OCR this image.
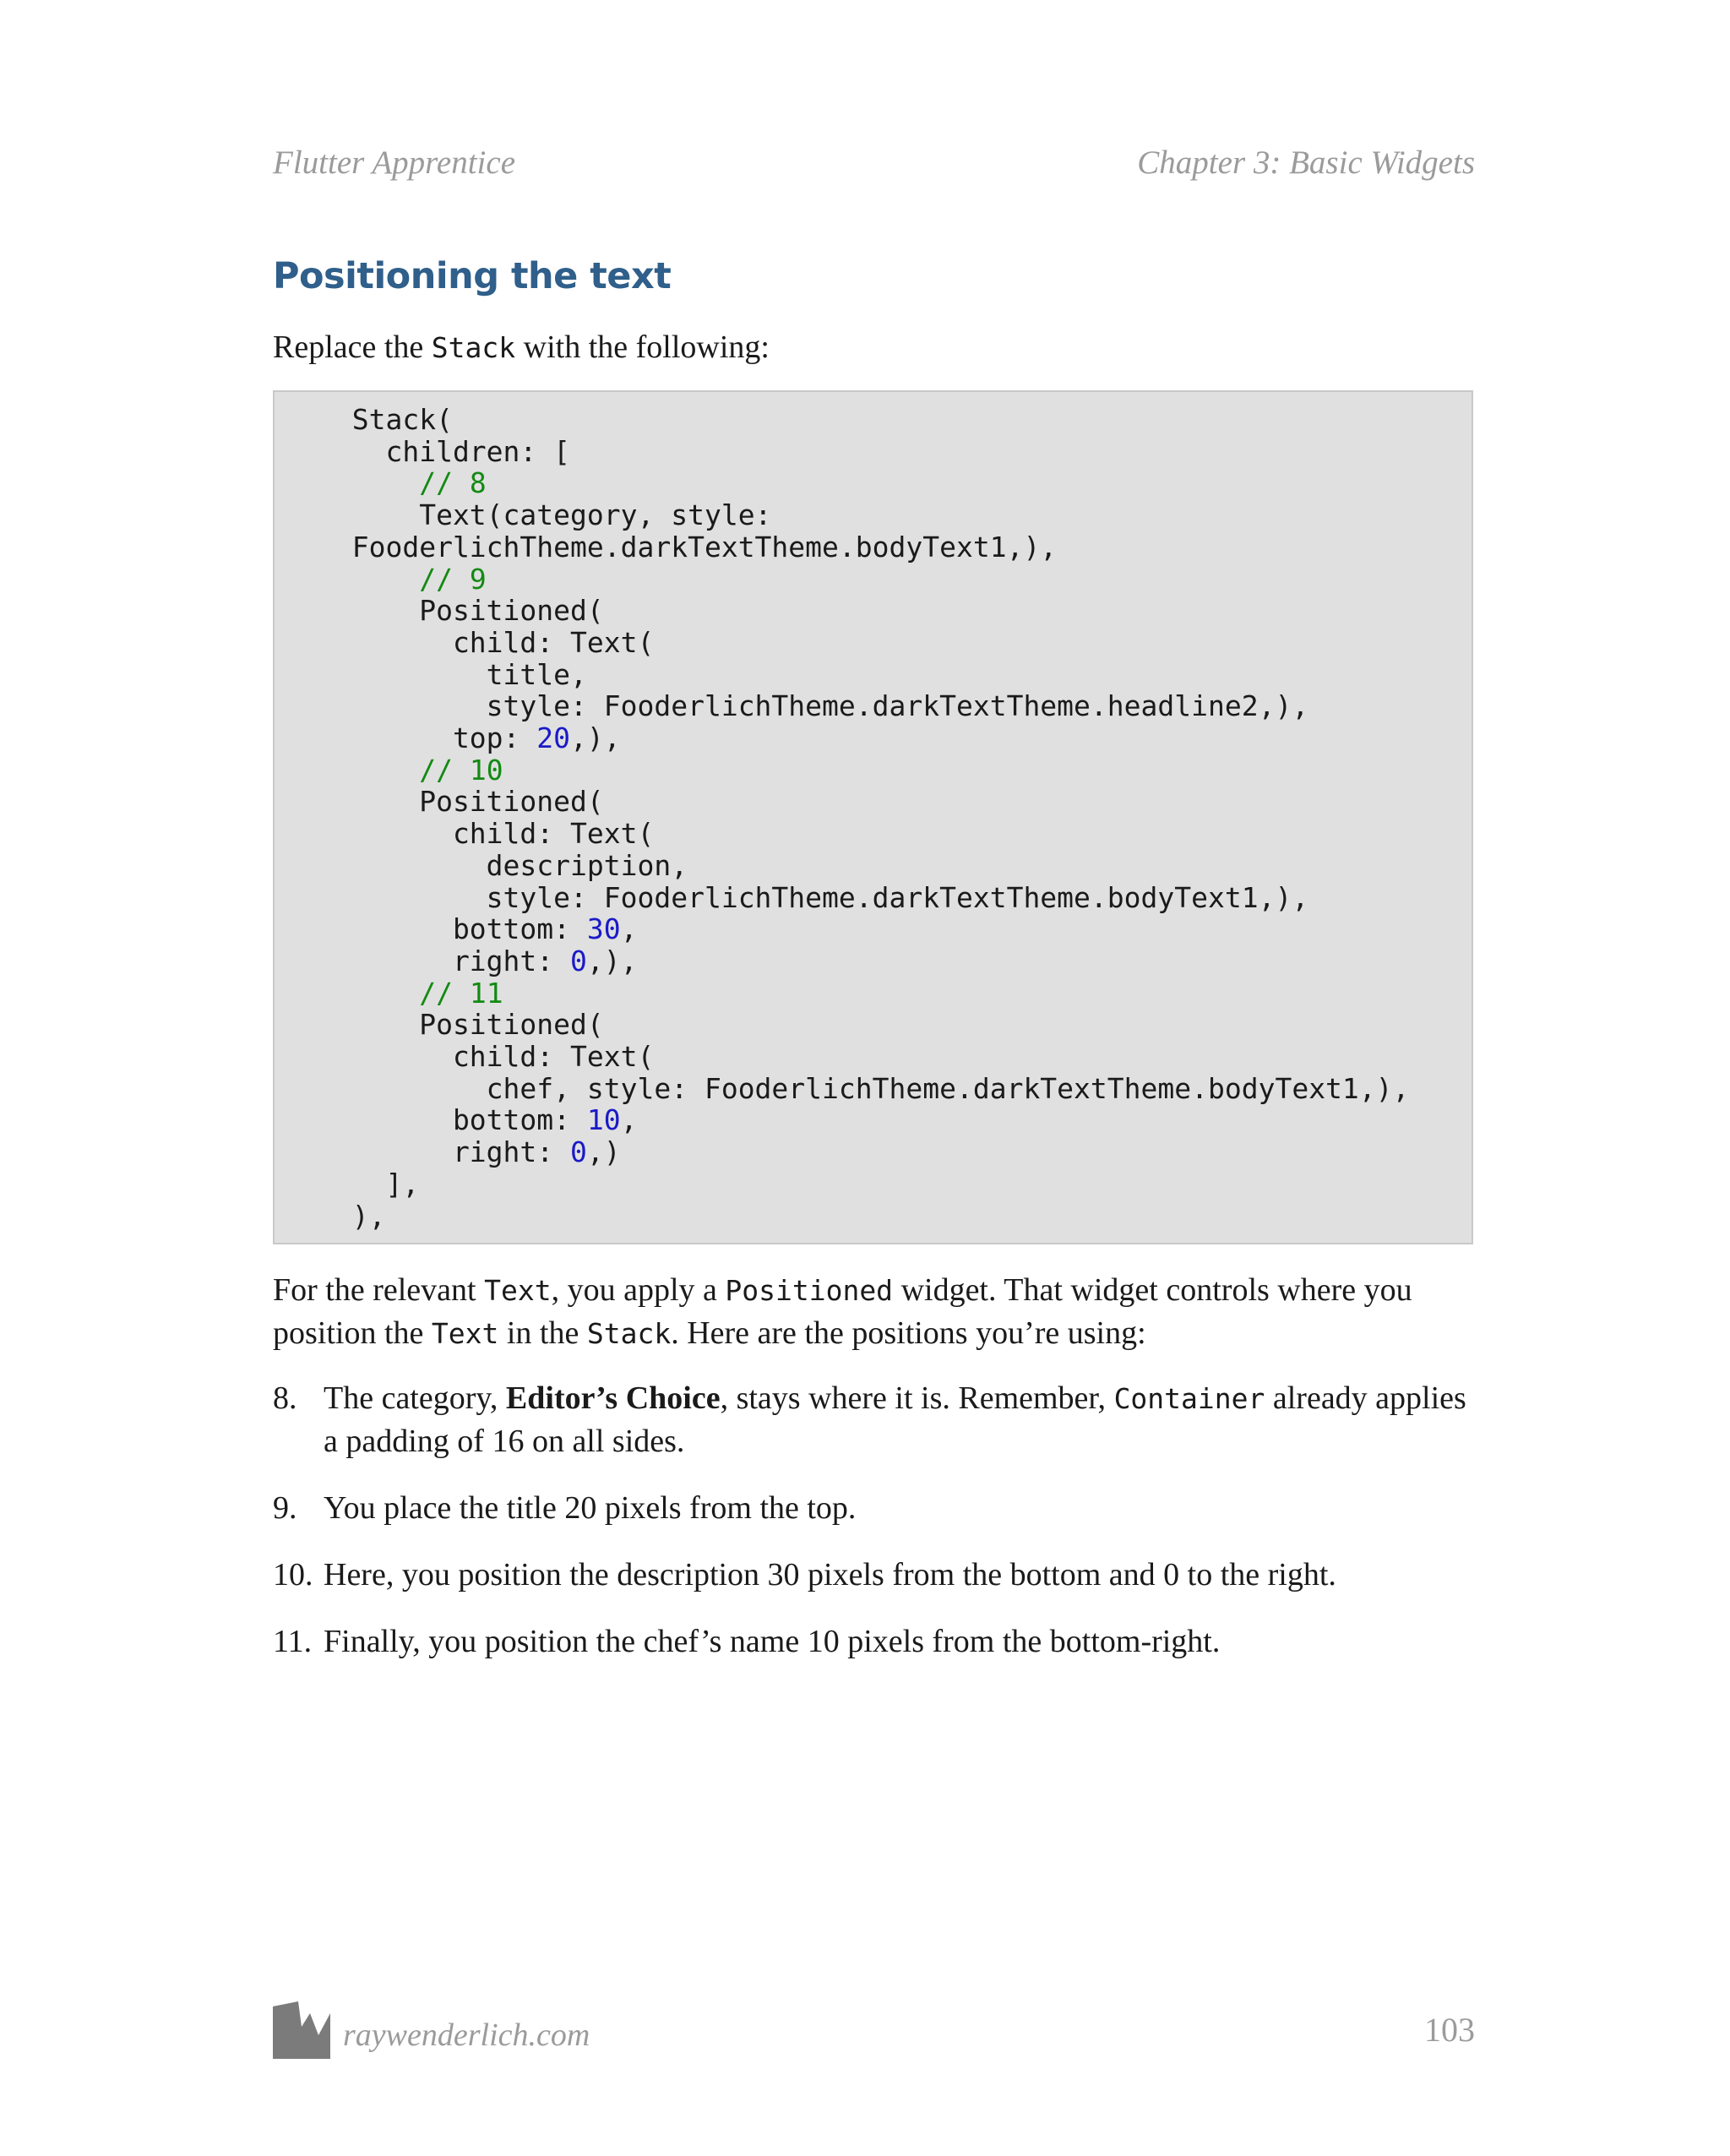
Flutter Apprentice	Chapter 3: Basic Widgets
Positioning the text

Replace the Stack with the following:

Stack(
children: [
// 8
Text(category, style:
FooderlichTheme.darkTextTheme.bodyText1,),
// 9
Positioned(
child: Text(
title,
style: FooderlichTheme.darkTextTheme.headline2,),
top: 20,),
// 10
Positioned(
child: Text(
description,
style: FooderlichTheme.darkTextTheme.bodyText1,),
bottom: 30,
right: 0,),
// 11
Positioned(
child: Text(
chef, style: FooderlichTheme.darkTextTheme.bodyText1,),
bottom: 10,
right: 0,)
],
),

For the relevant Text, you apply a Positioned widget. That widget controls where you position the Text in the Stack. Here are the positions you’re using:

8. The category, Editor’s Choice, stays where it is. Remember, Container already applies a padding of 16 on all sides.
9. You place the title 20 pixels from the top.
10. Here, you position the description 30 pixels from the bottom and 0 to the right.
11. Finally, you position the chef’s name 10 pixels from the bottom-right.
raywenderlich.com	103
